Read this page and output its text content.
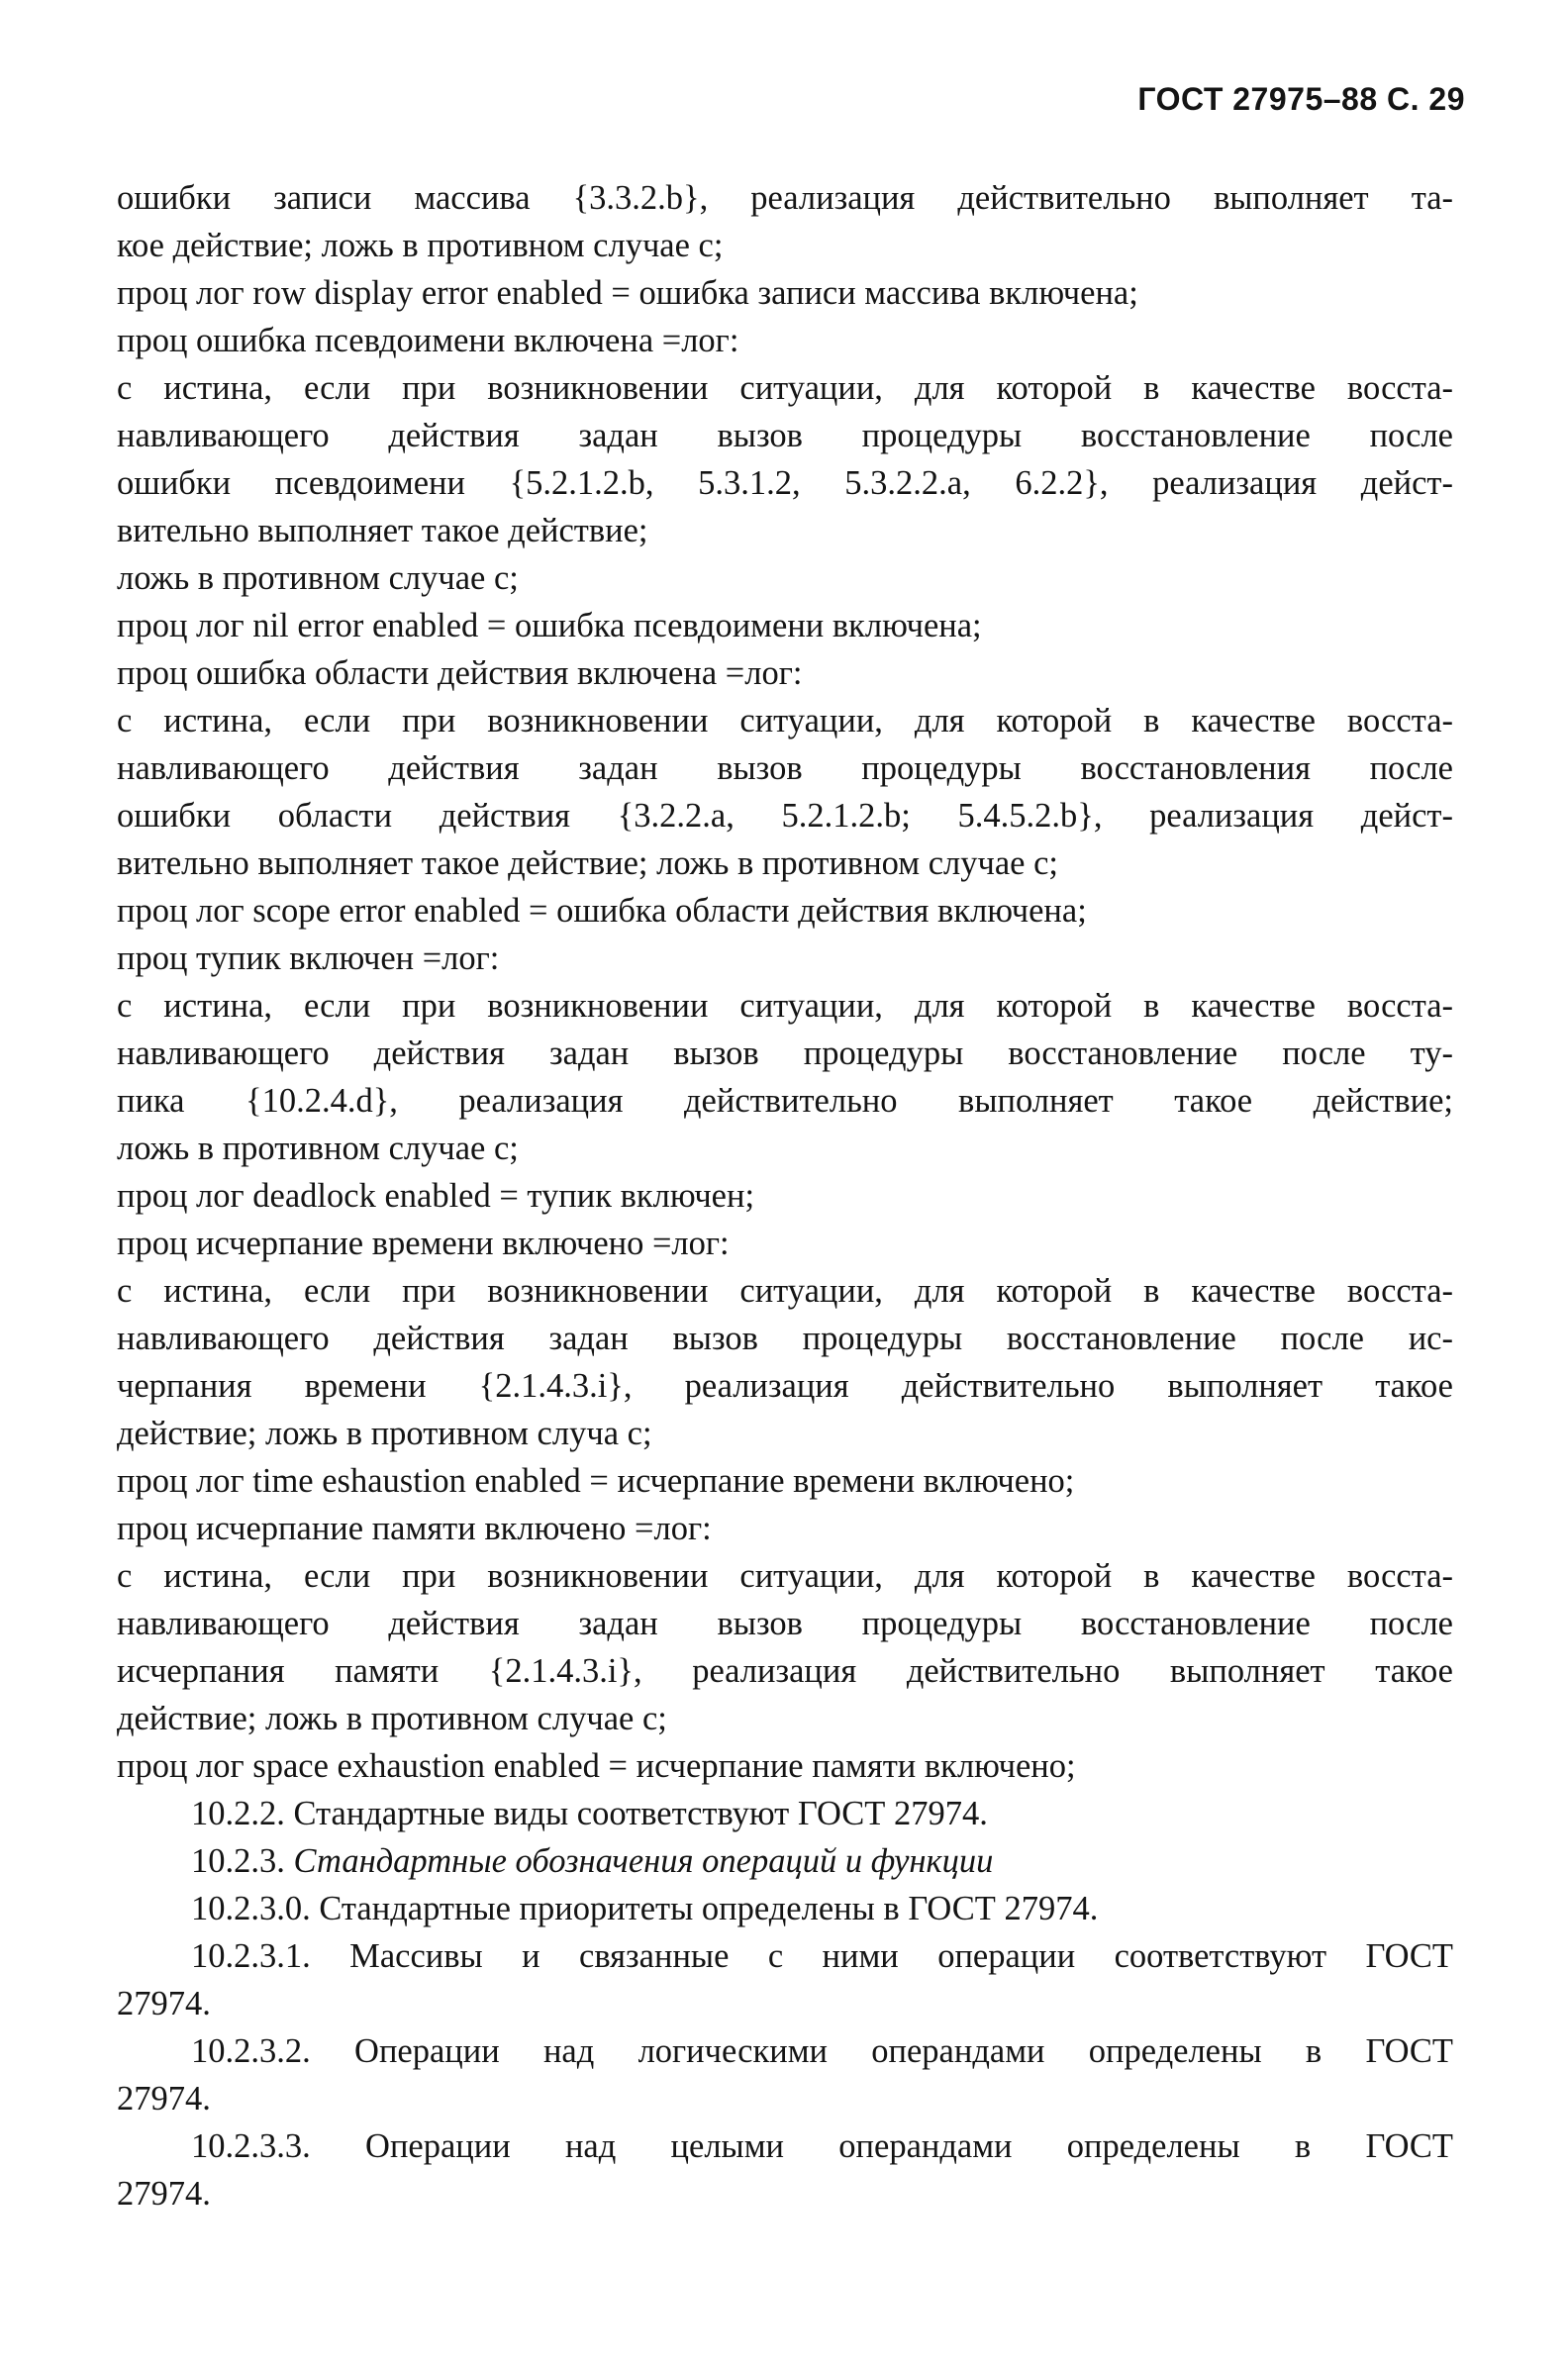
ГОСТ 27975–88 С. 29
ошибки записи массива {3.3.2.b}, реализация действительно выполняет та-
кое действие; ложь в противном случае с;
проц лог row display error enabled = ошибка записи массива включена;
проц ошибка псевдоимени включена =лог:
с истина, если при возникновении ситуации, для которой в качестве восста-
навливающего действия задан вызов процедуры восстановление после
ошибки псевдоимени {5.2.1.2.b, 5.3.1.2, 5.3.2.2.a, 6.2.2}, реализация дейст-
вительно выполняет такое действие;
ложь в противном случае с;
проц лог nil error enabled = ошибка псевдоимени включена;
проц ошибка области действия включена =лог:
с истина, если при возникновении ситуации, для которой в качестве восста-
навливающего действия задан вызов процедуры восстановления после
ошибки области действия {3.2.2.a, 5.2.1.2.b; 5.4.5.2.b}, реализация дейст-
вительно выполняет такое действие; ложь в противном случае с;
проц лог scope error enabled = ошибка области действия включена;
проц тупик включен =лог:
с истина, если при возникновении ситуации, для которой в качестве восста-
навливающего действия задан вызов процедуры восстановление после ту-
пика {10.2.4.d}, реализация действительно выполняет такое действие;
ложь в противном случае с;
проц лог deadlock enabled = тупик включен;
проц исчерпание времени включено =лог:
с истина, если при возникновении ситуации, для которой в качестве восста-
навливающего действия задан вызов процедуры восстановление после ис-
черпания времени {2.1.4.3.i}, реализация действительно выполняет такое
действие; ложь в противном случа с;
проц лог time eshaustion enabled = исчерпание времени включено;
проц исчерпание памяти включено =лог:
с истина, если при возникновении ситуации, для которой в качестве восста-
навливающего действия задан вызов процедуры восстановление после
исчерпания памяти {2.1.4.3.i}, реализация действительно выполняет такое
действие; ложь в противном случае с;
проц лог space exhaustion enabled = исчерпание памяти включено;
10.2.2. Стандартные виды соответствуют ГОСТ 27974.
10.2.3. Стандартные обозначения операций и функции
10.2.3.0. Стандартные приоритеты определены в ГОСТ 27974.
10.2.3.1. Массивы и связанные с ними операции соответствуют ГОСТ
27974.
10.2.3.2. Операции над логическими операндами определены в ГОСТ
27974.
10.2.3.3. Операции над целыми операндами определены в ГОСТ
27974.
